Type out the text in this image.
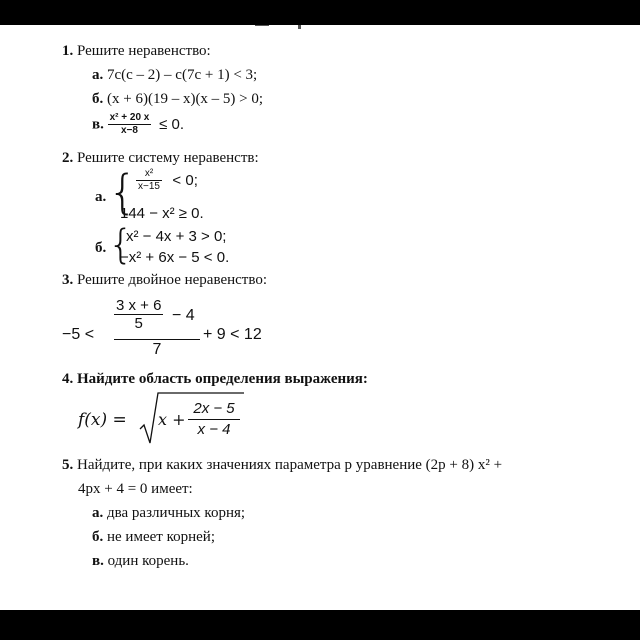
1. Решите неравенство:
а. 7с(с – 2) – с(7с + 1) < 3;
б. (х + 6)(19 – х)(х – 5) > 0;
в. $\frac{\text{x² + 20 x}}{x-8} \le 0$.
2. Решите систему неравенств:
а. {
$\frac{\text{x²}}{x-15} < 0$;
144 − x² ≥ 0.
б. {
x² − 4x + 3 > 0;
−x² + 6x − 5 < 0.
3. Решите двойное неравенство:
−5 <
$\frac{3 x + 6}{5} - 4$
7
+ 9 < 12
4. Найдите область определения выражения:
$f(x) = x + \frac{2x - 5}{x - 4}$
5. Найдите, при каких значениях параметра p уравнение (2p + 8) x² +
4px + 4 = 0 имеет:
а. два различных корня;
б. не имеет корней;
в. один корень.
